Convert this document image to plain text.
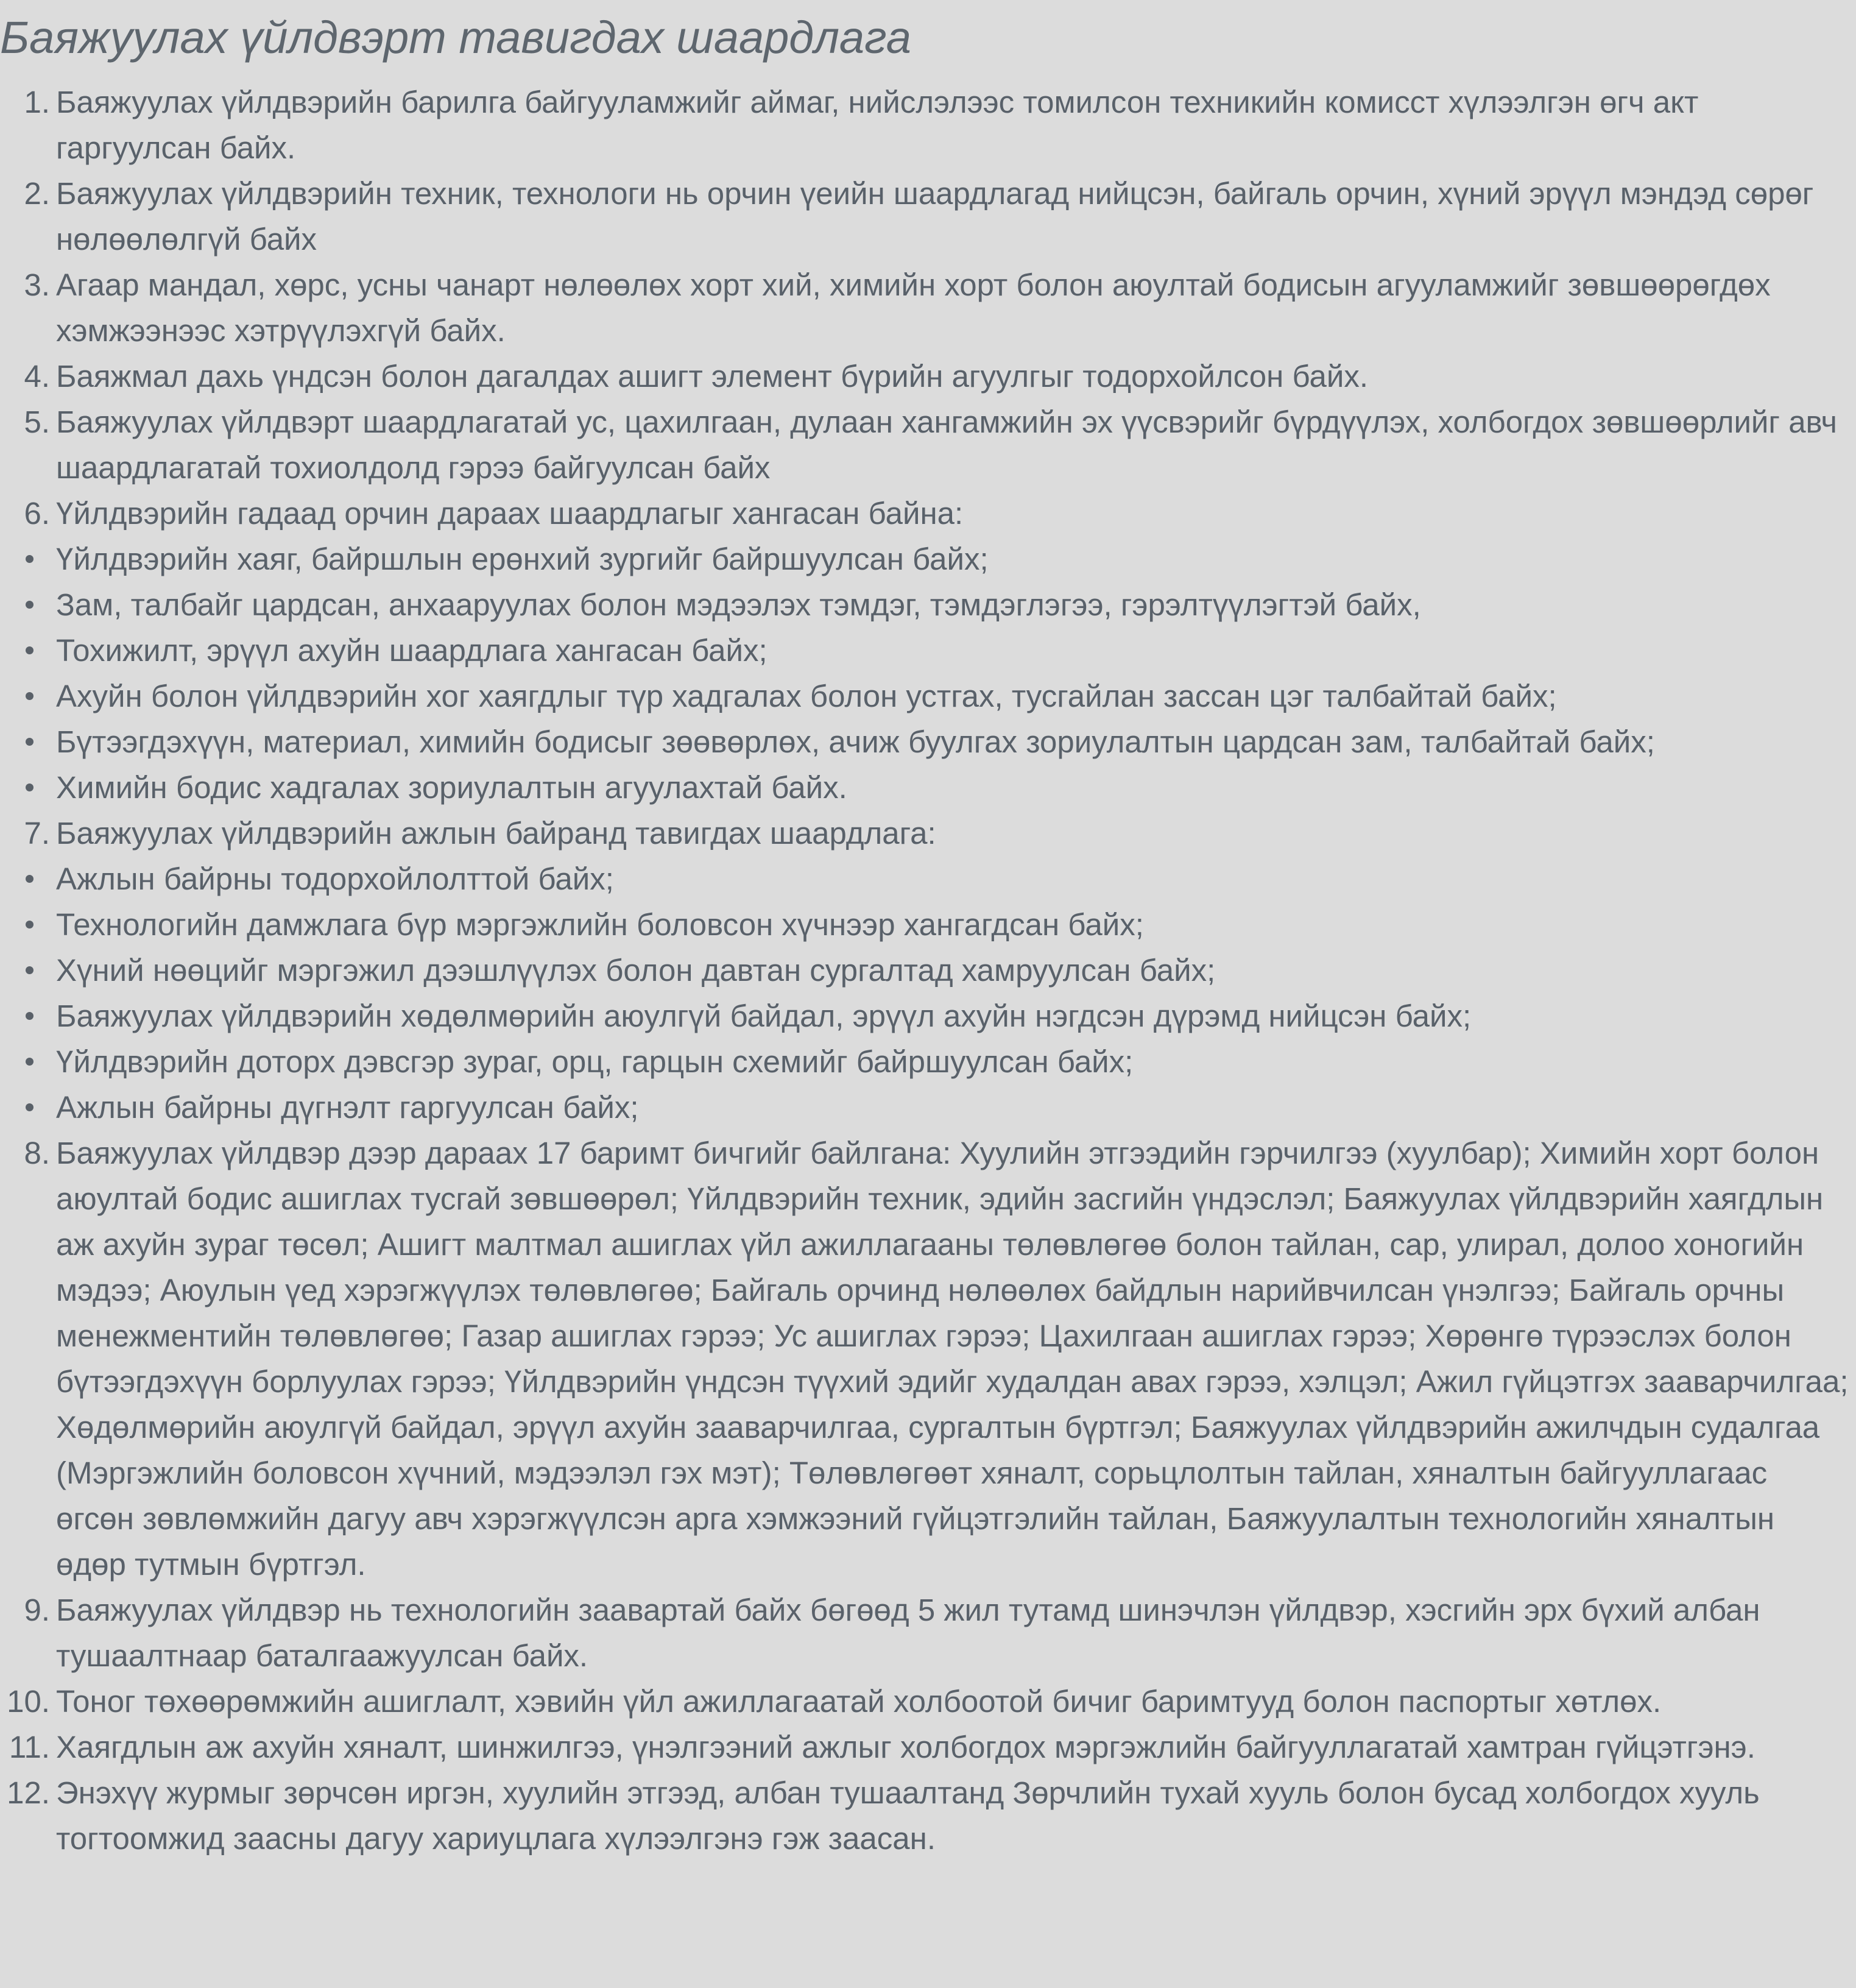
Баяжуулах үйлдвэрт тавигдах шаардлага
1. Баяжуулах үйлдвэрийн барилга байгууламжийг аймаг, нийслэлээс томилсон техникийн комисст хүлээлгэн өгч акт гаргуулсан байх.
2. Баяжуулах үйлдвэрийн техник, технологи нь орчин үеийн шаардлагад нийцсэн, байгаль орчин, хүний эрүүл мэндэд сөрөг нөлөөлөлгүй байх
3. Агаар мандал, хөрс, усны чанарт нөлөөлөх хорт хий, химийн хорт болон аюултай бодисын агууламжийг зөвшөөрөгдөх хэмжээнээс хэтрүүлэхгүй байх.
4. Баяжмал дахь үндсэн болон дагалдах ашигт элемент бүрийн агуулгыг тодорхойлсон байх.
5. Баяжуулах үйлдвэрт шаардлагатай ус, цахилгаан, дулаан хангамжийн эх үүсвэрийг бүрдүүлэх, холбогдох зөвшөөрлийг авч шаардлагатай тохиолдолд гэрээ байгуулсан байх
6. Үйлдвэрийн гадаад орчин дараах шаардлагыг хангасан байна:
Үйлдвэрийн хаяг, байршлын ерөнхий зургийг байршуулсан байх;
Зам, талбайг цардсан, анхааруулах болон мэдээлэх тэмдэг, тэмдэглэгээ, гэрэлтүүлэгтэй байх,
Тохижилт, эрүүл ахуйн шаардлага хангасан байх;
Ахуйн болон үйлдвэрийн хог хаягдлыг түр хадгалах болон устгах, тусгайлан зассан цэг талбайтай байх;
Бүтээгдэхүүн, материал, химийн бодисыг зөөвөрлөх, ачиж буулгах зориулалтын цардсан зам, талбайтай байх;
Химийн бодис хадгалах зориулалтын агуулахтай байх.
7. Баяжуулах үйлдвэрийн ажлын байранд тавигдах шаардлага:
Ажлын байрны тодорхойлолттой байх;
Технологийн дамжлага бүр мэргэжлийн боловсон хүчнээр хангагдсан байх;
Хүний нөөцийг мэргэжил дээшлүүлэх болон давтан сургалтад хамруулсан байх;
Баяжуулах үйлдвэрийн хөдөлмөрийн аюулгүй байдал, эрүүл ахуйн нэгдсэн дүрэмд нийцсэн байх;
Үйлдвэрийн доторх дэвсгэр зураг, орц, гарцын схемийг байршуулсан байх;
Ажлын байрны дүгнэлт гаргуулсан байх;
8. Баяжуулах үйлдвэр дээр дараах 17 баримт бичгийг байлгана: Хуулийн этгээдийн гэрчилгээ (хуулбар); Химийн хорт болон аюултай бодис ашиглах тусгай зөвшөөрөл; Үйлдвэрийн техник, эдийн засгийн үндэслэл; Баяжуулах үйлдвэрийн хаягдлын аж ахуйн зураг төсөл; Ашигт малтмал ашиглах үйл ажиллагааны төлөвлөгөө болон тайлан, сар, улирал, долоо хоногийн мэдээ; Аюулын үед хэрэгжүүлэх төлөвлөгөө; Байгаль орчинд нөлөөлөх байдлын нарийвчилсан үнэлгээ; Байгаль орчны менежментийн төлөвлөгөө; Газар ашиглах гэрээ; Ус ашиглах гэрээ; Цахилгаан ашиглах гэрээ; Хөрөнгө түрээслэх болон бүтээгдэхүүн борлуулах гэрээ; Үйлдвэрийн үндсэн түүхий эдийг худалдан авах гэрээ, хэлцэл; Ажил гүйцэтгэх зааварчилгаа; Хөдөлмөрийн аюулгүй байдал, эрүүл ахуйн зааварчилгаа, сургалтын бүртгэл; Баяжуулах үйлдвэрийн ажилчдын судалгаа (Мэргэжлийн боловсон хүчний, мэдээлэл гэх мэт); Төлөвлөгөөт хяналт, сорьцлолтын тайлан, хяналтын байгууллагаас өгсөн зөвлөмжийн дагуу авч хэрэгжүүлсэн арга хэмжээний гүйцэтгэлийн тайлан, Баяжуулалтын технологийн хяналтын өдөр тутмын бүртгэл.
9. Баяжуулах үйлдвэр нь технологийн зааварта​й байх бөгөөд 5 жил тутамд шинэчлэн үйлдвэр, хэсгийн эрх бүхий албан тушаалтнаар баталгаажуулсан байх.
10. Тоног төхөөрөмжийн ашиглалт, хэвийн үйл ажиллагаатай холбоотой бичиг баримтууд болон паспортыг хөтлөх.
11. Хаягдлын аж ахуйн хяналт, шинжилгээ, үнэлгээний ажлыг холбогдох мэргэжлийн байгууллагатай хамтран гүйцэтгэнэ.
12. Энэхүү журмыг зөрчсөн иргэн, хуулийн этгээд, албан тушаалтанд Зөрчлийн тухай хууль болон бусад холбогдох хууль тогтоомжид заасны дагуу хариуцлага хүлээлгэнэ гэж заасан.
